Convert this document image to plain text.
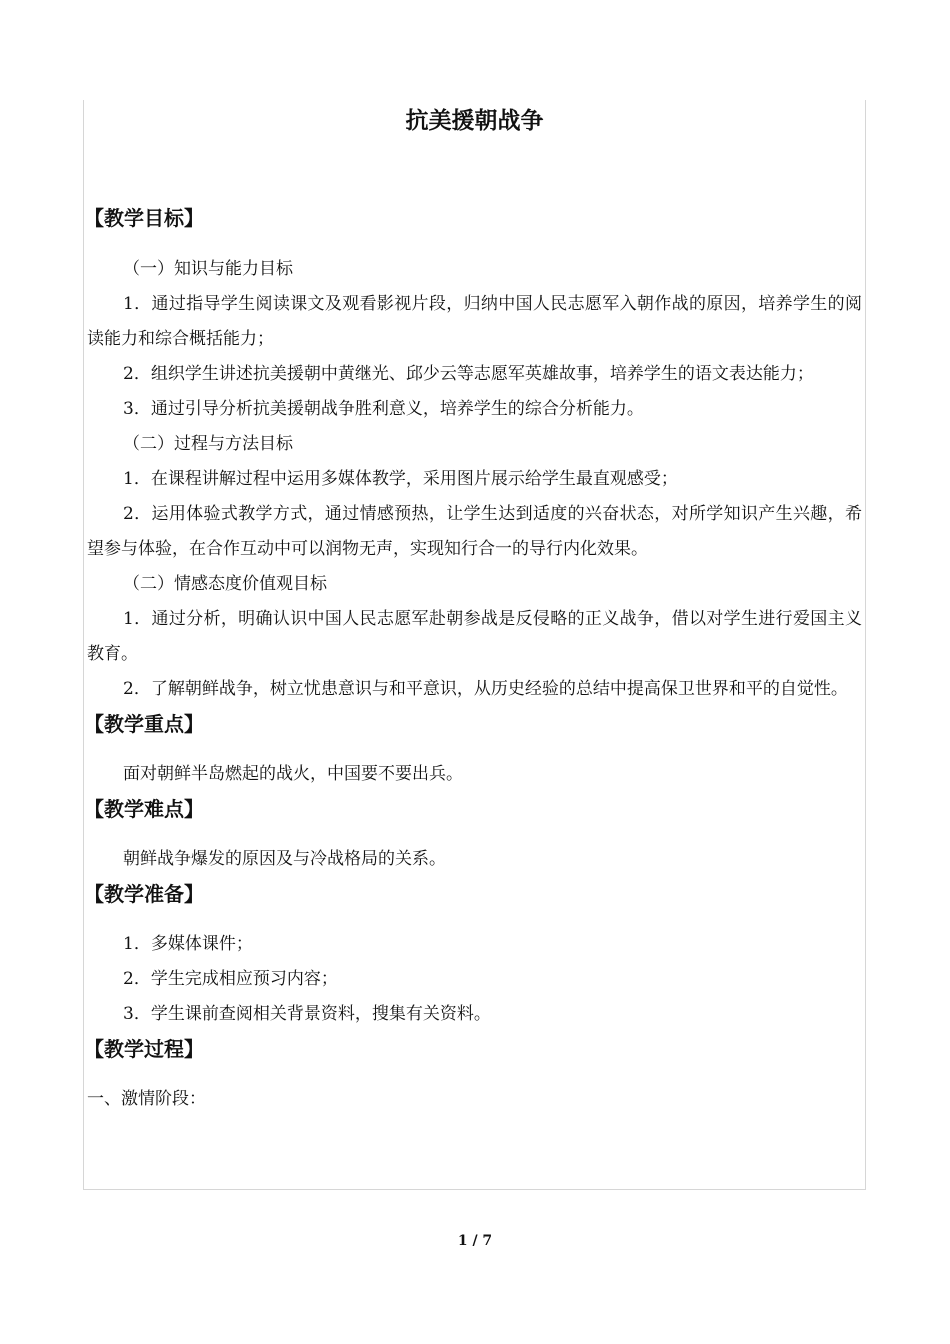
抗美援朝战争
【教学目标】

（一）知识与能力目标

1．通过指导学生阅读课文及观看影视片段，归纳中国人民志愿军入朝作战的原因，培养学生的阅读能力和综合概括能力；

2．组织学生讲述抗美援朝中黄继光、邱少云等志愿军英雄故事，培养学生的语文表达能力；

3．通过引导分析抗美援朝战争胜利意义，培养学生的综合分析能力。

（二）过程与方法目标

1．在课程讲解过程中运用多媒体教学，采用图片展示给学生最直观感受；

2．运用体验式教学方式，通过情感预热，让学生达到适度的兴奋状态，对所学知识产生兴趣，希望参与体验，在合作互动中可以润物无声，实现知行合一的导行内化效果。

（二）情感态度价值观目标

1．通过分析，明确认识中国人民志愿军赴朝参战是反侵略的正义战争，借以对学生进行爱国主义教育。

2．了解朝鲜战争，树立忧患意识与和平意识，从历史经验的总结中提高保卫世界和平的自觉性。

【教学重点】

面对朝鲜半岛燃起的战火，中国要不要出兵。

【教学难点】

朝鲜战争爆发的原因及与冷战格局的关系。

【教学准备】

1．多媒体课件；

2．学生完成相应预习内容；

3．学生课前查阅相关背景资料，搜集有关资料。

【教学过程】

一、激情阶段：

1 / 7
